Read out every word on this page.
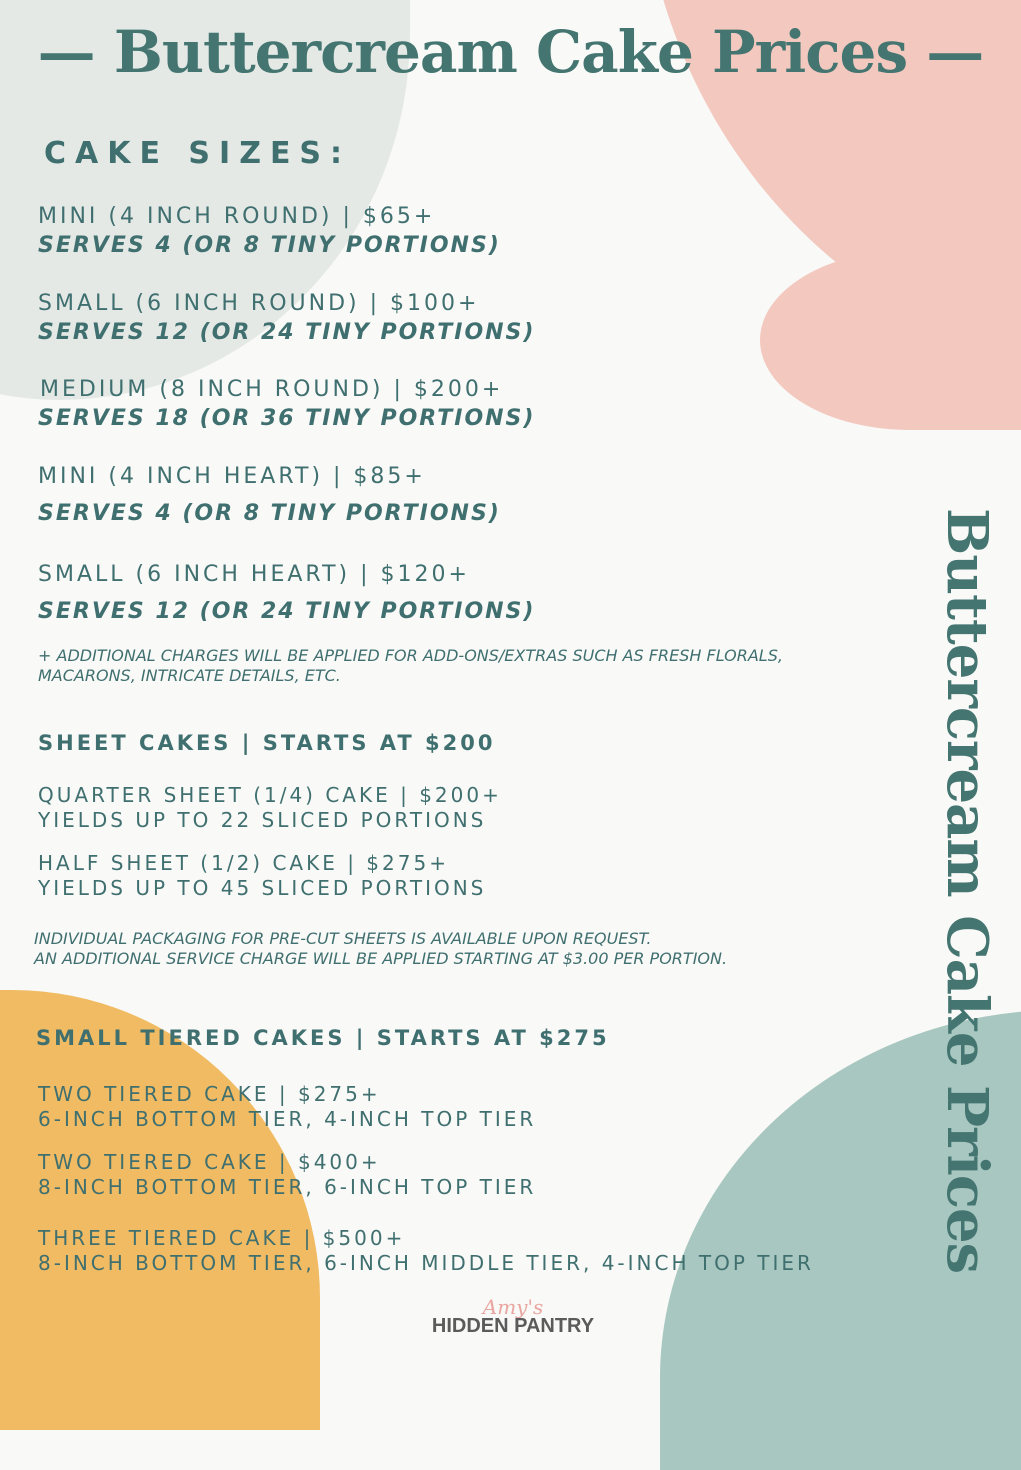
— Buttercream Cake Prices —
Buttercream Cake Prices
CAKE SIZES:
MINI (4 INCH ROUND) | $65+
SERVES 4 (OR 8 TINY PORTIONS)
SMALL (6 INCH ROUND) | $100+
SERVES 12 (OR 24 TINY PORTIONS)
MEDIUM (8 INCH ROUND) | $200+
SERVES 18 (OR 36 TINY PORTIONS)
MINI (4 INCH HEART) | $85+
SERVES 4 (OR 8 TINY PORTIONS)
SMALL (6 INCH HEART) | $120+
SERVES 12 (OR 24 TINY PORTIONS)
+ ADDITIONAL CHARGES WILL BE APPLIED FOR ADD-ONS/EXTRAS SUCH AS FRESH FLORALS,
MACARONS, INTRICATE DETAILS, ETC.
SHEET CAKES | STARTS AT $200
QUARTER SHEET (1/4) CAKE | $200+
YIELDS UP TO 22 SLICED PORTIONS
HALF SHEET (1/2) CAKE | $275+
YIELDS UP TO 45 SLICED PORTIONS
INDIVIDUAL PACKAGING FOR PRE-CUT SHEETS IS AVAILABLE UPON REQUEST.
AN ADDITIONAL SERVICE CHARGE WILL BE APPLIED STARTING AT $3.00 PER PORTION.
SMALL TIERED CAKES | STARTS AT $275
TWO TIERED CAKE | $275+
6-INCH BOTTOM TIER, 4-INCH TOP TIER
TWO TIERED CAKE | $400+
8-INCH BOTTOM TIER, 6-INCH TOP TIER
THREE TIERED CAKE | $500+
8-INCH BOTTOM TIER, 6-INCH MIDDLE TIER, 4-INCH TOP TIER
Amy's
HIDDEN PANTRY
